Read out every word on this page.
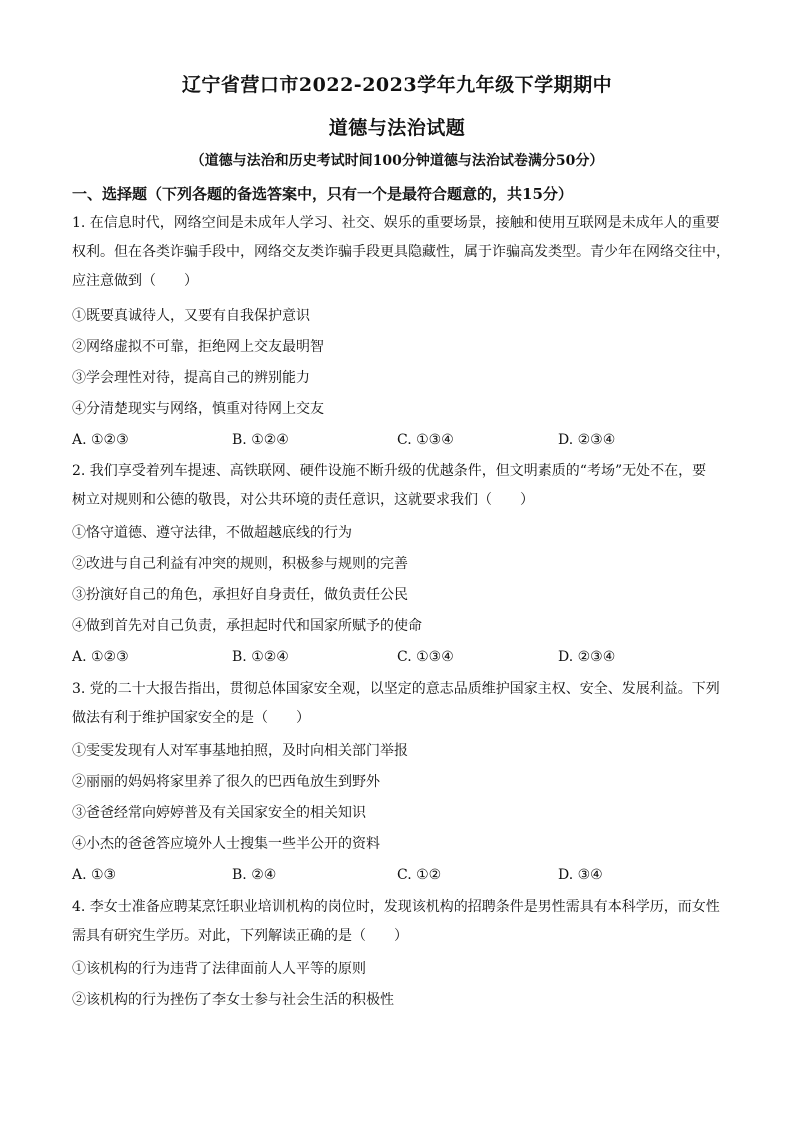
辽宁省营口市2022-2023学年九年级下学期期中
道德与法治试题
（道德与法治和历史考试时间100分钟道德与法治试卷满分50分）
一、选择题（下列各题的备选答案中，只有一个是最符合题意的，共15分）
1. 在信息时代，网络空间是未成年人学习、社交、娱乐的重要场景，接触和使用互联网是未成年人的重要
权利。但在各类诈骗手段中，网络交友类诈骗手段更具隐藏性，属于诈骗高发类型。青少年在网络交往中，
应注意做到（　　）
①既要真诚待人，又要有自我保护意识
②网络虚拟不可靠，拒绝网上交友最明智
③学会理性对待，提高自己的辨别能力
④分清楚现实与网络，慎重对待网上交友
A. ①②③	B. ①②④	C. ①③④	D. ②③④
2. 我们享受着列车提速、高铁联网、硬件设施不断升级的优越条件，但文明素质的“考场”无处不在，要
树立对规则和公德的敬畏，对公共环境的责任意识，这就要求我们（　　）
①恪守道德、遵守法律，不做超越底线的行为
②改进与自己利益有冲突的规则，积极参与规则的完善
③扮演好自己的角色，承担好自身责任，做负责任公民
④做到首先对自己负责，承担起时代和国家所赋予的使命
A. ①②③	B. ①②④	C. ①③④	D. ②③④
3. 党的二十大报告指出，贯彻总体国家安全观，以坚定的意志品质维护国家主权、安全、发展利益。下列
做法有利于维护国家安全的是（　　）
①雯雯发现有人对军事基地拍照，及时向相关部门举报
②丽丽的妈妈将家里养了很久的巴西龟放生到野外
③爸爸经常向婷婷普及有关国家安全的相关知识
④小杰的爸爸答应境外人士搜集一些半公开的资料
A. ①③	B. ②④	C. ①②	D. ③④
4. 李女士准备应聘某烹饪职业培训机构的岗位时，发现该机构的招聘条件是男性需具有本科学历，而女性
需具有研究生学历。对此，下列解读正确的是（　　）
①该机构的行为违背了法律面前人人平等的原则
②该机构的行为挫伤了李女士参与社会生活的积极性
